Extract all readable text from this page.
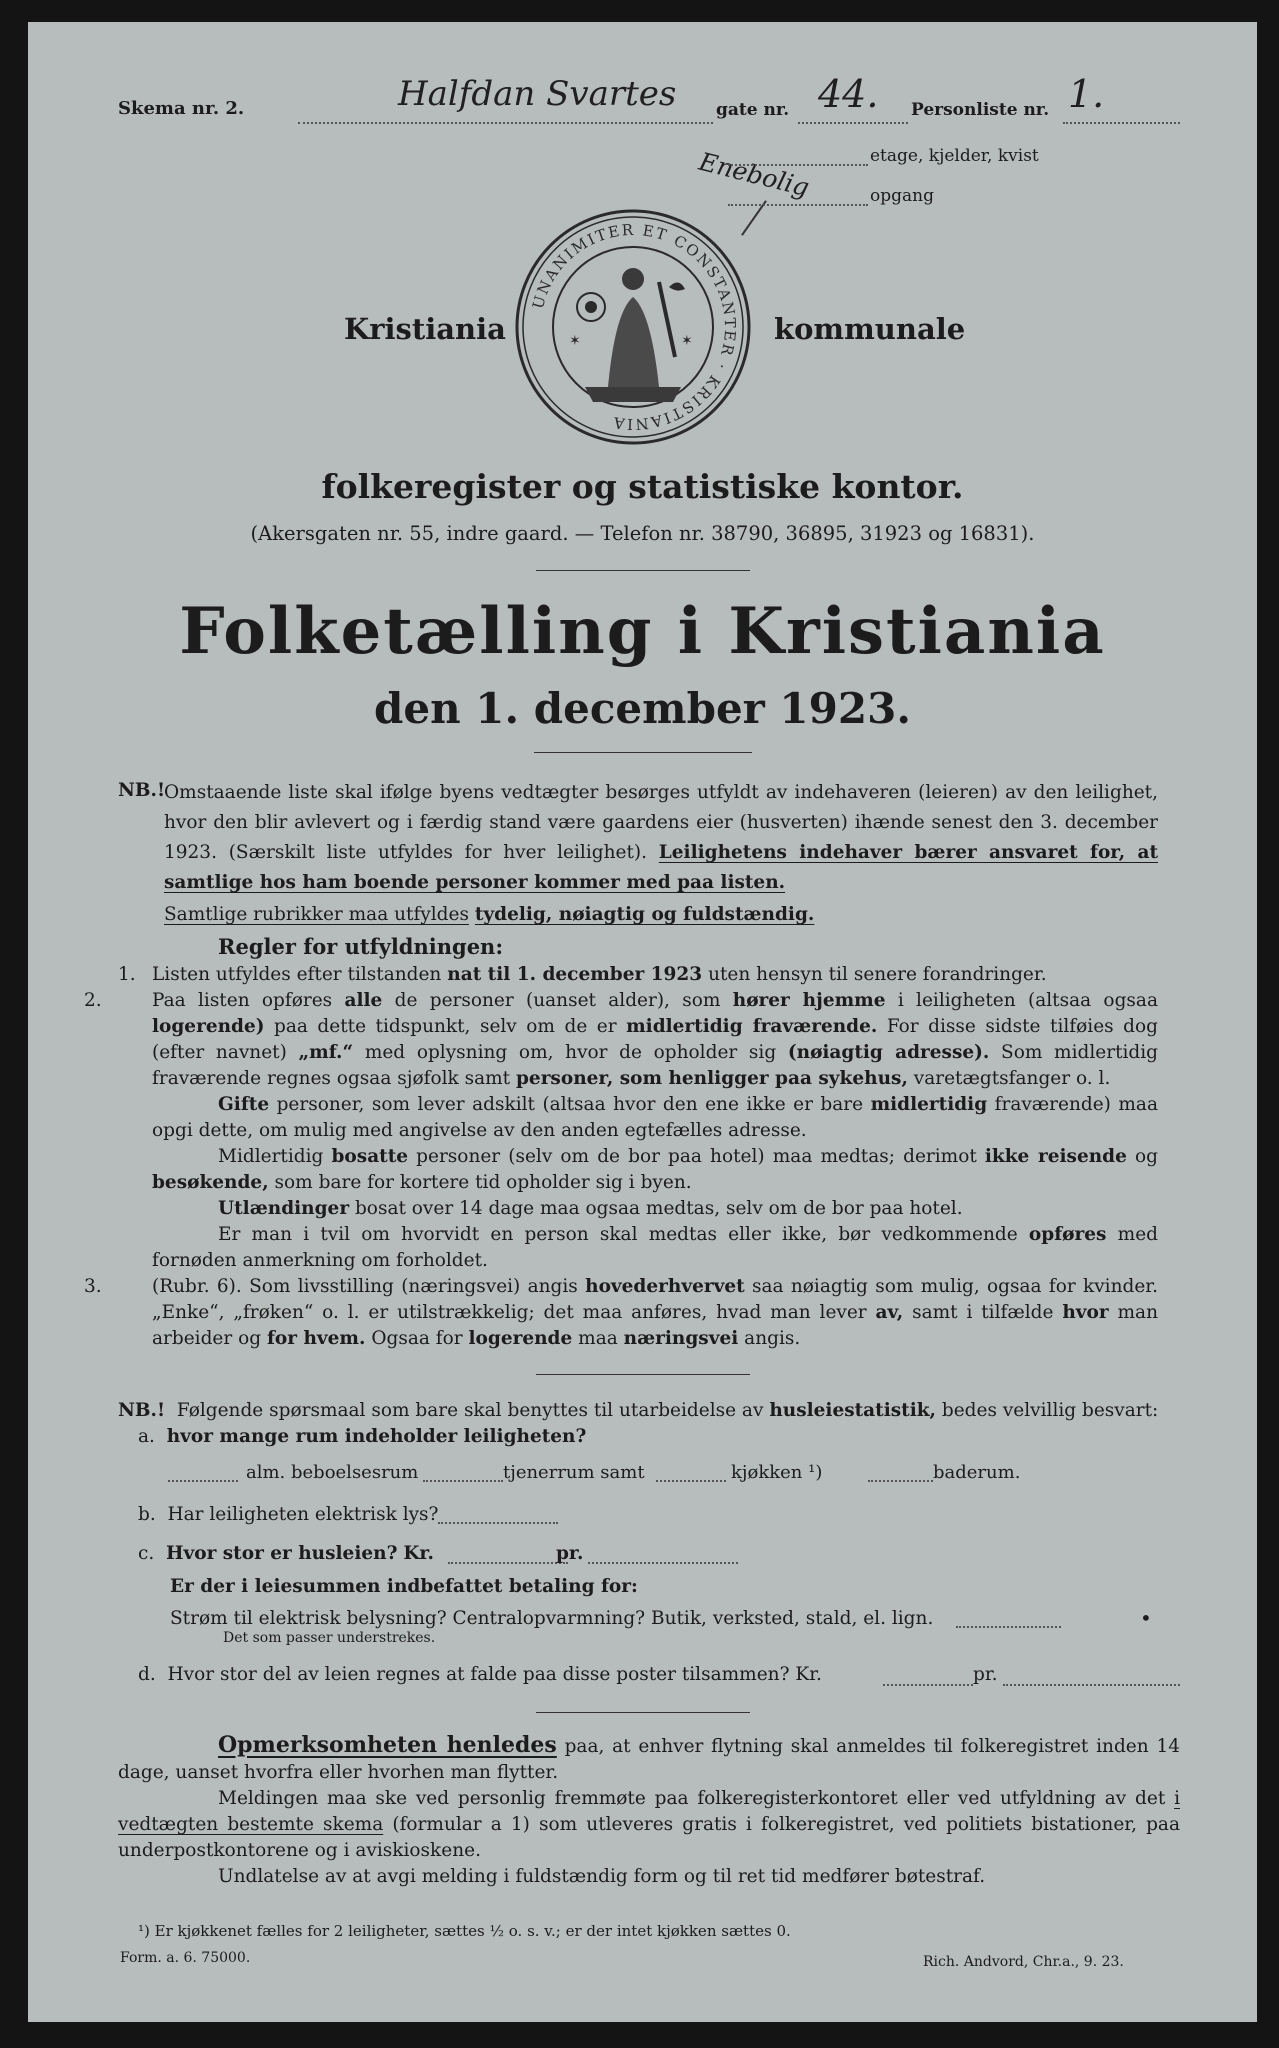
Skema nr. 2.	Halfdan Svartes gate nr. 44. Personliste nr. 1.
Enebolig	etage, kjelder, kvist
opgang
Kristiania	kommunale
UNANIMITER ET CONSTANTER · KRISTIANIA
✶	✶
folkeregister og statistiske kontor.
(Akersgaten nr. 55, indre gaard. — Telefon nr. 38790, 36895, 31923 og 16831).
Folketælling i Kristiania
den 1. december 1923.
NB.!

Omstaaende liste skal ifølge byens vedtægter besørges utfyldt av indehaveren (leieren) av den leilighet, hvor den blir avlevert og i færdig stand være gaardens eier (husverten) ihænde senest den 3. december 1923. (Særskilt liste utfyldes for hver leilighet). Leilighetens indehaver bærer ansvaret for, at samtlige hos ham boende personer kommer med paa listen.

Samtlige rubrikker maa utfyldes tydelig, nøiagtig og fuldstændig.

Regler for utfyldningen:

1. Listen utfyldes efter tilstanden nat til 1. december 1923 uten hensyn til senere forandringer.

2.	Paa listen opføres alle de personer (uanset alder), som hører hjemme i leiligheten (altsaa ogsaa logerende) paa dette tidspunkt, selv om de er midlertidig fraværende. For disse sidste tilføies dog (efter navnet) „mf.“ med oplysning om, hvor de opholder sig (nøiagtig adresse). Som midlertidig fraværende regnes ogsaa sjøfolk samt personer, som henligger paa sykehus, varetægtsfanger o. l.

Gifte personer, som lever adskilt (altsaa hvor den ene ikke er bare midlertidig fraværende) maa opgi dette, om mulig med angivelse av den anden egtefælles adresse.

Midlertidig bosatte personer (selv om de bor paa hotel) maa medtas; derimot ikke reisende og besøkende, som bare for kortere tid opholder sig i byen.

Utlændinger bosat over 14 dage maa ogsaa medtas, selv om de bor paa hotel.

Er man i tvil om hvorvidt en person skal medtas eller ikke, bør vedkommende opføres med fornøden anmerkning om forholdet.

3.	(Rubr. 6). Som livsstilling (næringsvei) angis hovederhvervet saa nøiagtig som mulig, ogsaa for kvinder. „Enke“, „frøken“ o. l. er utilstrækkelig; det maa anføres, hvad man lever av, samt i tilfælde hvor man arbeider og for hvem. Ogsaa for logerende maa næringsvei angis.

NB.! Følgende spørsmaal som bare skal benyttes til utarbeidelse av husleiestatistik, bedes velvillig besvart:
a. hvor mange rum indeholder leiligheten?
alm. beboelsesrum	tjenerrum samt	kjøkken ¹)	baderum.
b. Har leiligheten elektrisk lys?
c. Hvor stor er husleien? Kr.	pr.
Er der i leiesummen indbefattet betaling for:
Strøm til elektrisk belysning? Centralopvarmning? Butik, verksted, stald, el. lign.	•
Det som passer understrekes.
d. Hvor stor del av leien regnes at falde paa disse poster tilsammen? Kr.	pr.

Opmerksomheten henledes paa, at enhver flytning skal anmeldes til folkeregistret inden 14 dage, uanset hvorfra eller hvorhen man flytter.

Meldingen maa ske ved personlig fremmøte paa folkeregisterkontoret eller ved utfyldning av det i vedtægten bestemte skema (formular a 1) som utleveres gratis i folkeregistret, ved politiets bistationer, paa underpostkontorene og i aviskioskene.

Undlatelse av at avgi melding i fuldstændig form og til ret tid medfører bøtestraf.

¹) Er kjøkkenet fælles for 2 leiligheter, sættes ½ o. s. v.; er der intet kjøkken sættes 0.
Form. a. 6. 75000.	Rich. Andvord, Chr.a., 9. 23.
